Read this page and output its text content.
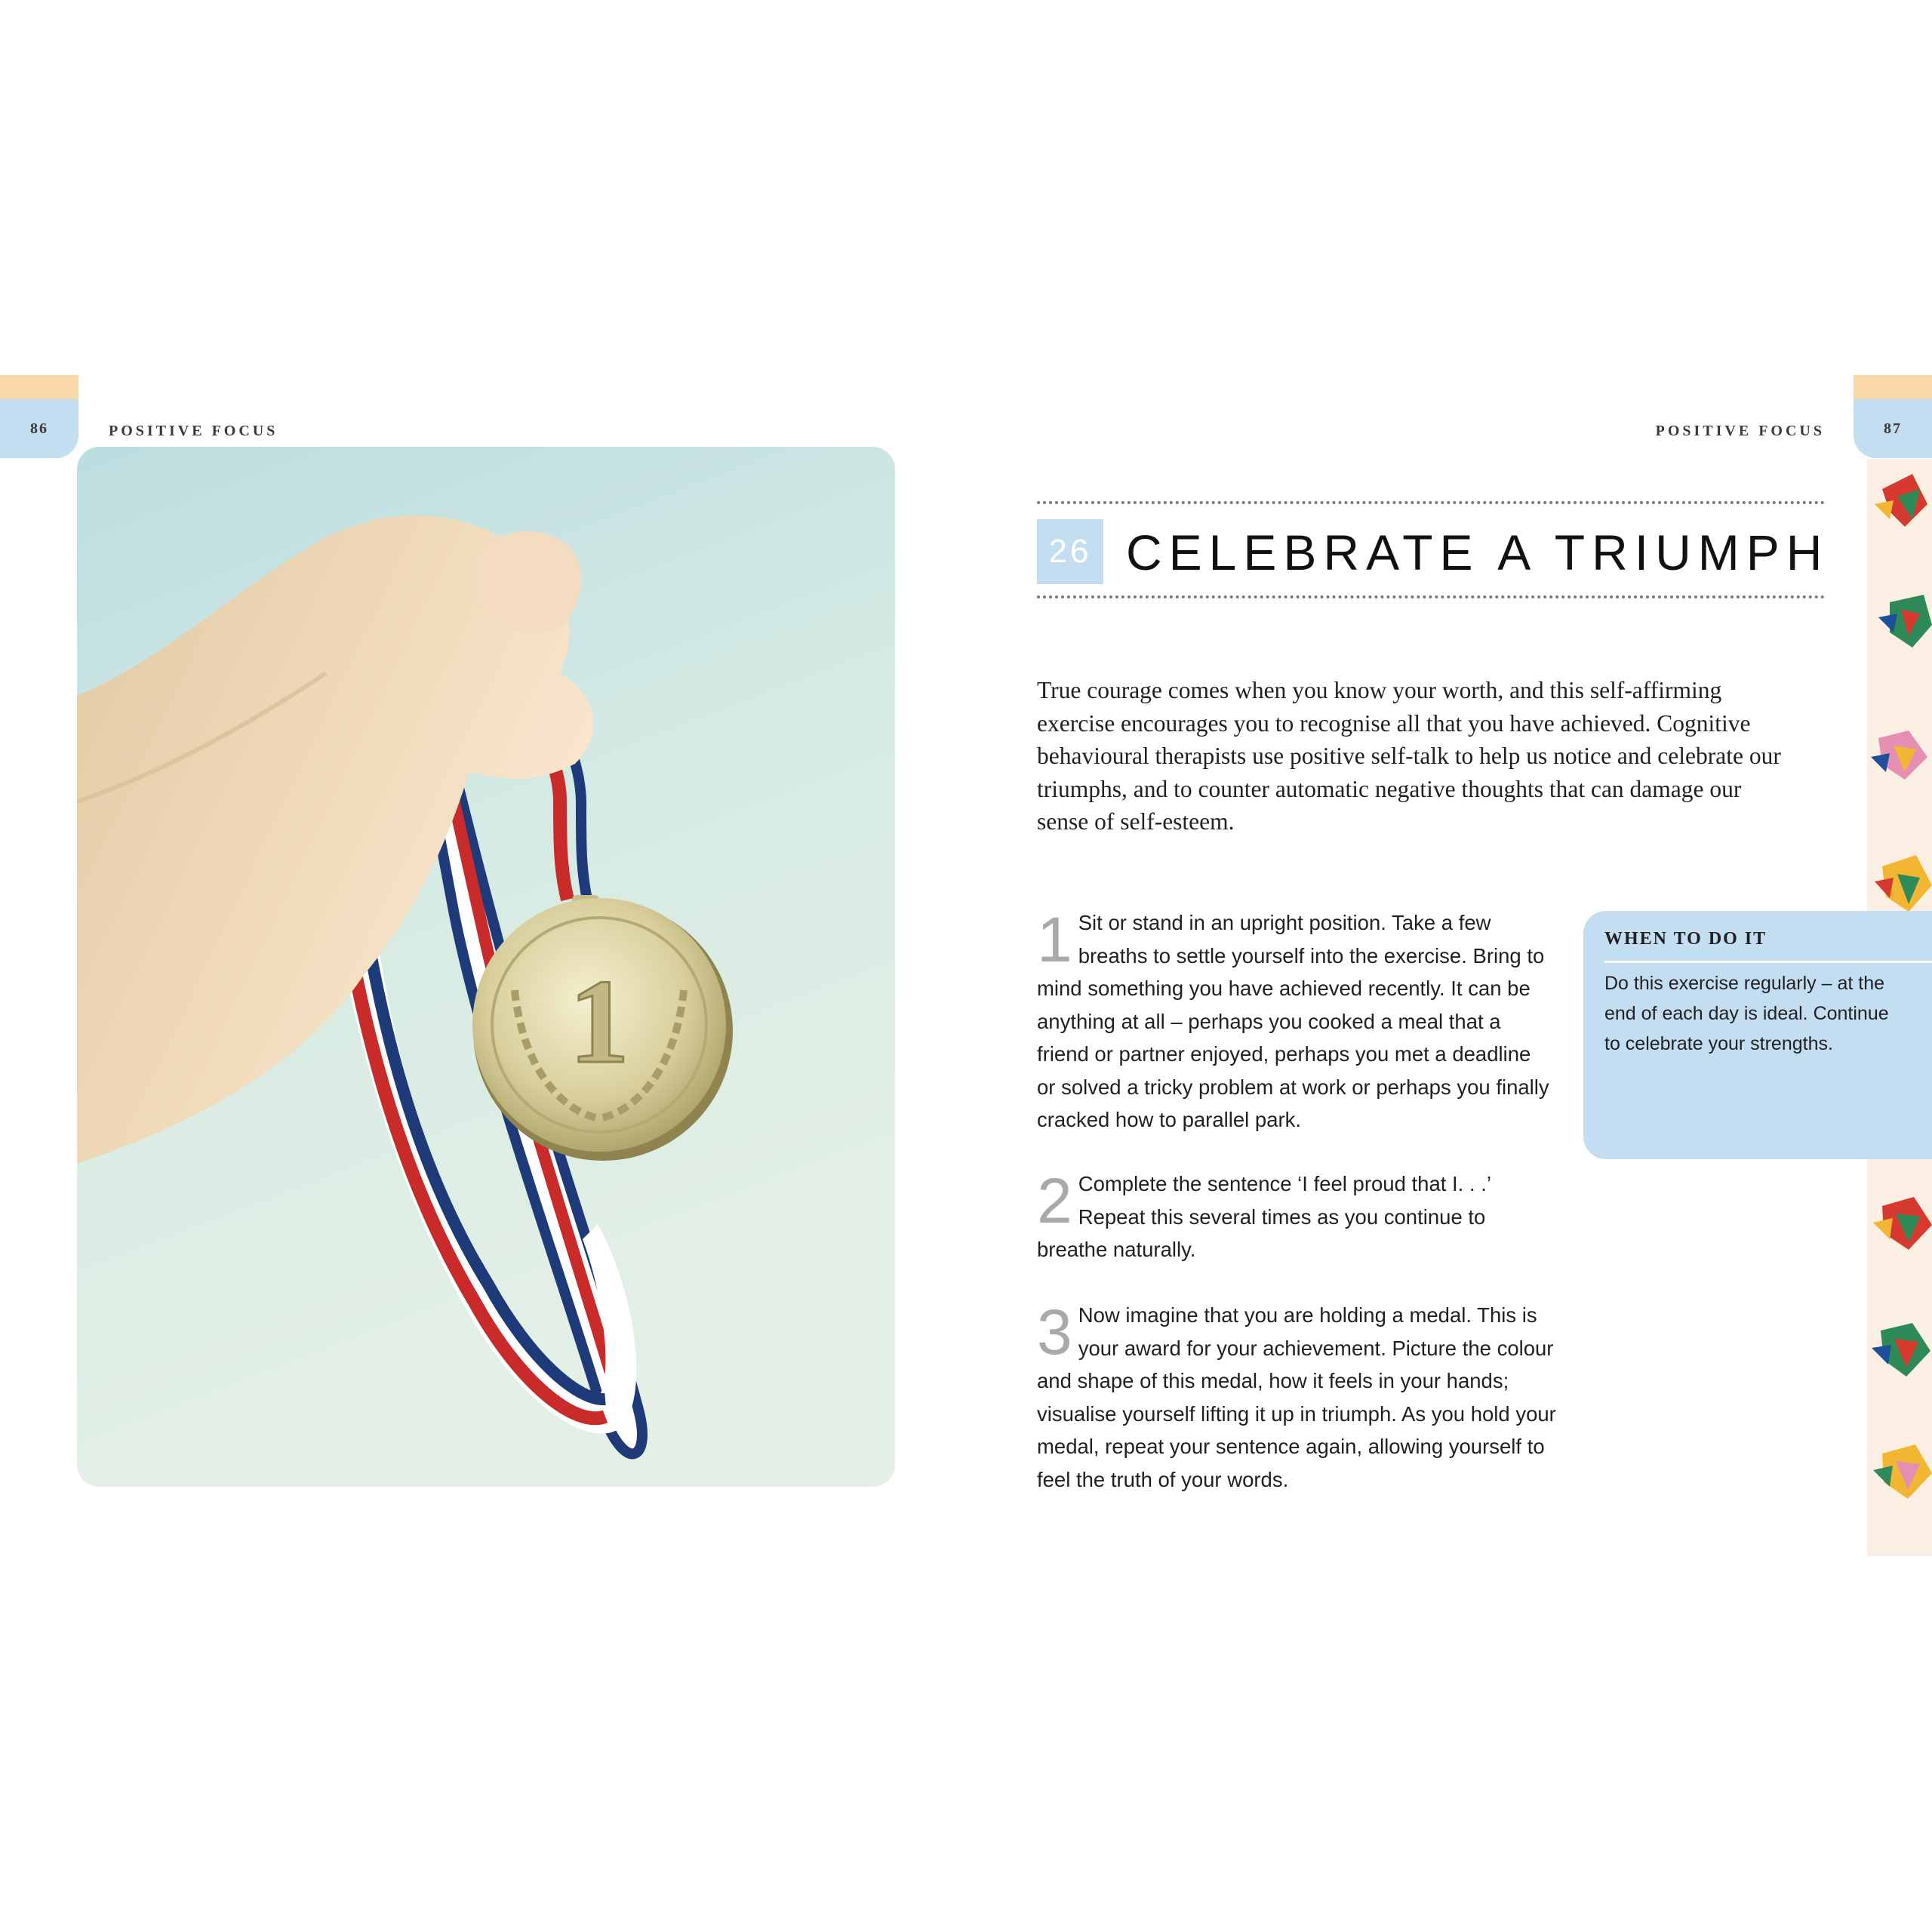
86	POSITIVE FOCUS
1
87
POSITIVE FOCUS
26 CELEBRATE A TRIUMPH

True courage comes when you know your worth, and this self-affirming exercise encourages you to recognise all that you have achieved. Cognitive behavioural therapists use positive self-talk to help us notice and celebrate our triumphs, and to counter automatic negative thoughts that can damage our sense of self-esteem.

1 Sit or stand in an upright position. Take a few breaths to settle yourself into the exercise. Bring to mind something you have achieved recently. It can be anything at all – perhaps you cooked a meal that a friend or partner enjoyed, perhaps you met a deadline or solved a tricky problem at work or perhaps you finally cracked how to parallel park.

2 Complete the sentence ‘I feel proud that I. . .’ Repeat this several times as you continue to breathe naturally.

3 Now imagine that you are holding a medal. This is your award for your achievement. Picture the colour and shape of this medal, how it feels in your hands; visualise yourself lifting it up in triumph. As you hold your medal, repeat your sentence again, allowing yourself to feel the truth of your words.

WHEN TO DO IT

Do this exercise regularly – at the end of each day is ideal. Continue to celebrate your strengths.
